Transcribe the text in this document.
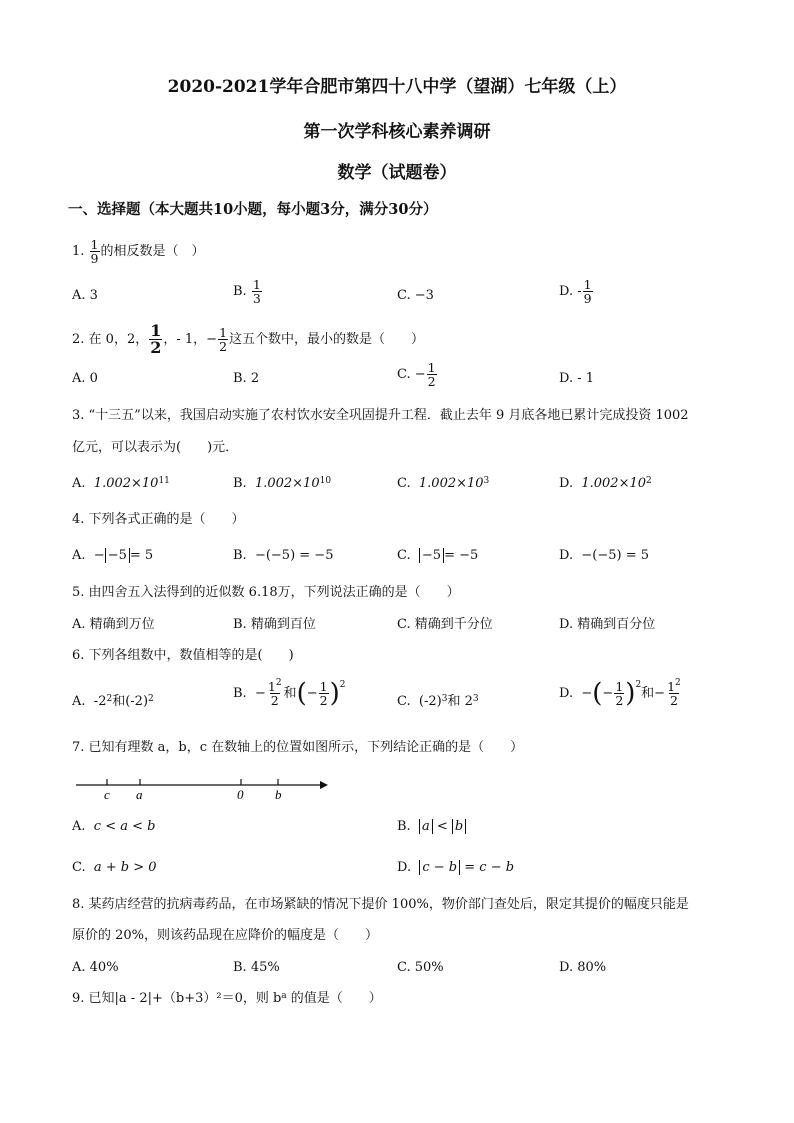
2020-2021学年合肥市第四十八中学（望湖）七年级（上）
第一次学科核心素养调研
数学（试题卷）
一、选择题（本大题共10小题，每小题3分，满分30分）
1. $\frac{1}{9}$ 的相反数是（　）
A. 3	B. $\frac{1}{3}$	C. −3	D. - $\frac{1}{9}$
2. 在 0，2， $\frac{1}{2}$ ，- 1，− $\frac{1}{2}$ 这五个数中，最小的数是（　　）
A. 0	B. 2	C. − $\frac{1}{2}$	D. - 1
3. “十三五”以来，我国启动实施了农村饮水安全巩固提升工程．截止去年 9 月底各地已累计完成投资 1002
亿元，可以表示为(　　)元．
A. $1.002\times 10^{11}$	B. $1.002\times 10^{10}$	C. $1.002\times 10^3$	D. $1.002\times 10^2$
4. 下列各式正确的是（　　）
A. − −5 = 5	B. −(−5) = −5	C. −5 = −5	D. −(−5) = 5
5. 由四舍五入法得到的近似数 6.18万，下列说法正确的是（　　）
A. 精确到万位	B. 精确到百位	C. 精确到千分位	D. 精确到百分位
6. 下列各组数中，数值相等的是(　　)
A. $-2^2$和$(-2)^2$	B.  − $\frac{1^2}{2}$ 和(− $\frac{1}{2} )^2$
C. $(-2)^3$和 $2^3$	D. −(− $\frac{1}{2} )^2$和− $\frac{1^2}{2}$
7. 已知有理数 a，b，c 在数轴上的位置如图所示，下列结论正确的是（　　）
c a	0 b
A. c < a < b	B. a < b
C. a + b > 0	D. c − b = c − b
8. 某药店经营的抗病毒药品，在市场紧缺的情况下提价 100%，物价部门查处后，限定其提价的幅度只能是
原价的 20%，则该药品现在应降价的幅度是（　　）
A. 40%	B. 45%	C. 50%	D. 80%
9. 已知|a - 2|+（b+3）²＝0，则 $b^a$ 的值是（　　）
